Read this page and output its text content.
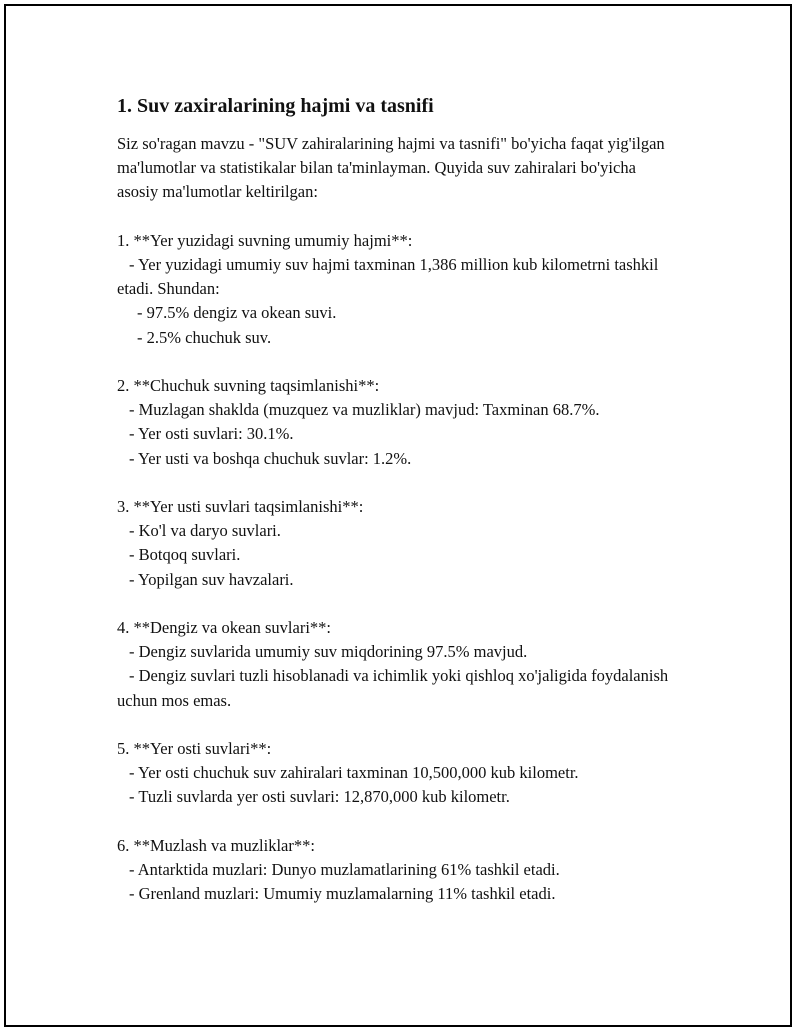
1. Suv zaxiralarining hajmi va tasnifi

Siz so'ragan mavzu - "SUV zahiralarining hajmi va tasnifi" bo'yicha faqat yig'ilgan ma'lumotlar va statistikalar bilan ta'minlayman. Quyida suv zahiralari bo'yicha asosiy ma'lumotlar keltirilgan:

1. **Yer yuzidagi suvning umumiy hajmi**:
- Yer yuzidagi umumiy suv hajmi taxminan 1,386 million kub kilometrni tashkil etadi. Shundan:
- 97.5% dengiz va okean suvi.
- 2.5% chuchuk suv.
2. **Chuchuk suvning taqsimlanishi**:
- Muzlagan shaklda (muzquez va muzliklar) mavjud: Taxminan 68.7%.
- Yer osti suvlari: 30.1%.
- Yer usti va boshqa chuchuk suvlar: 1.2%.
3. **Yer usti suvlari taqsimlanishi**:
- Ko'l va daryo suvlari.
- Botqoq suvlari.
- Yopilgan suv havzalari.
4. **Dengiz va okean suvlari**:
- Dengiz suvlarida umumiy suv miqdorining 97.5% mavjud.
- Dengiz suvlari tuzli hisoblanadi va ichimlik yoki qishloq xo'jaligida foydalanish uchun mos emas.
5. **Yer osti suvlari**:
- Yer osti chuchuk suv zahiralari taxminan 10,500,000 kub kilometr.
- Tuzli suvlarda yer osti suvlari: 12,870,000 kub kilometr.
6. **Muzlash va muzliklar**:
- Antarktida muzlari: Dunyo muzlamatlarining 61% tashkil etadi.
- Grenland muzlari: Umumiy muzlamalarning 11% tashkil etadi.
